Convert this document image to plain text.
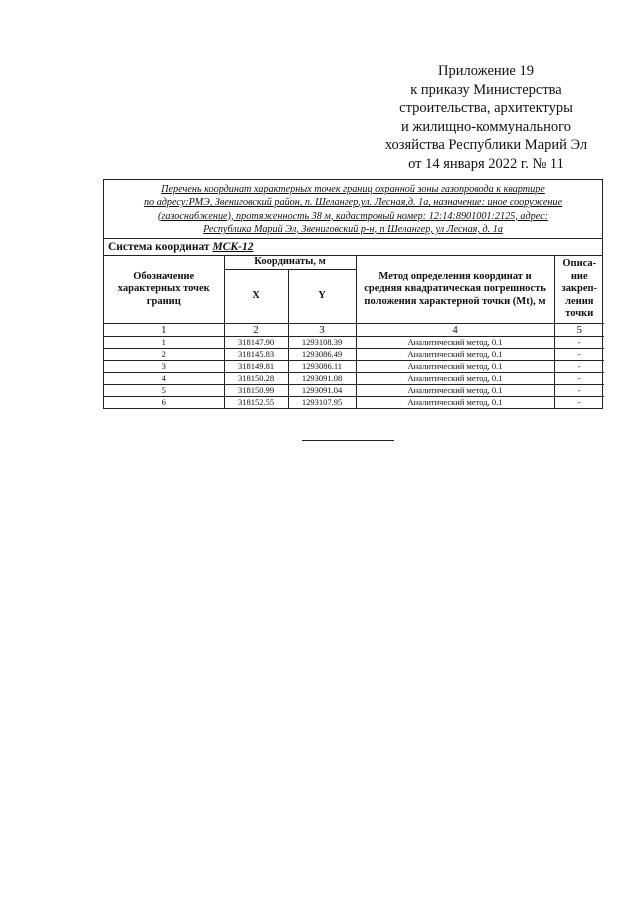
Приложение 19
к приказу Министерства
строительства, архитектуры
и жилищно-коммунального
хозяйства Республики Марий Эл
от 14 января 2022 г. № 11
Перечень координат характерных точек границ охранной зоны газопровода к квартире
по адресу:РМЭ, Звениговский район, п. Шелангер,ул. Лесная,д. 1а, назначение: иное сооружение
(газоснабжение), протяженность 38 м, кадастровый номер: 12:14:8901001:2125, адрес:
Республика Марий Эл, Звениговский р-н, п Шелангер, ул Лесная, д. 1а
Система координат МСК-12
Обозначение характерных точек границ	Координаты, м		Метод определения координат и средняя квадратическая погрешность положения характерной точки (Mt), м	Описа-ние закреп-ления точки
	X	Y		
1	2	3	4	5
1	318147.90	1293108.39	Аналитический метод, 0.1	-
2	318145.83	1293086.49	Аналитический метод, 0.1	-
3	318149.81	1293086.11	Аналитический метод, 0.1	-
4	318150.28	1293091.08	Аналитический метод, 0.1	-
5	318150.99	1293091.04	Аналитический метод, 0.1	-
6	318152.55	1293107.95	Аналитический метод, 0.1	-
